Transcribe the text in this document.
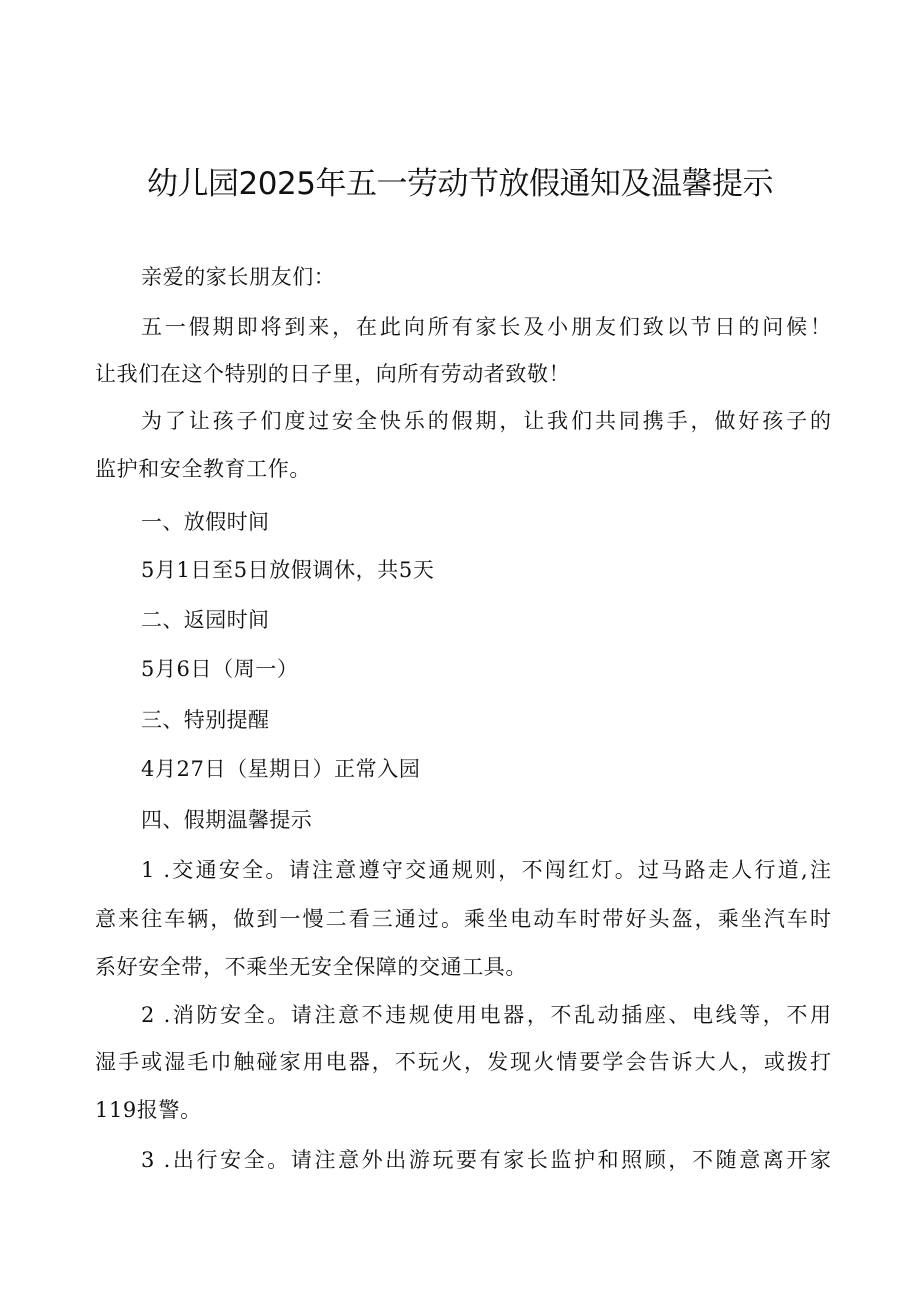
幼儿园2025年五一劳动节放假通知及温馨提示
亲爱的家长朋友们：
五一假期即将到来，在此向所有家长及小朋友们致以节日的问候！
让我们在这个特别的日子里，向所有劳动者致敬！
为了让孩子们度过安全快乐的假期，让我们共同携手，做好孩子的
监护和安全教育工作。
一、放假时间
5月1日至5日放假调休，共5天
二、返园时间
5月6日（周一）
三、特别提醒
4月27日（星期日）正常入园
四、假期温馨提示
1 .交通安全。请注意遵守交通规则，不闯红灯。过马路走人行道,注
意来往车辆，做到一慢二看三通过。乘坐电动车时带好头盔，乘坐汽车时
系好安全带，不乘坐无安全保障的交通工具。
2 .消防安全。请注意不违规使用电器，不乱动插座、电线等，不用
湿手或湿毛巾触碰家用电器，不玩火，发现火情要学会告诉大人，或拨打
119报警。
3 .出行安全。请注意外出游玩要有家长监护和照顾，不随意离开家
